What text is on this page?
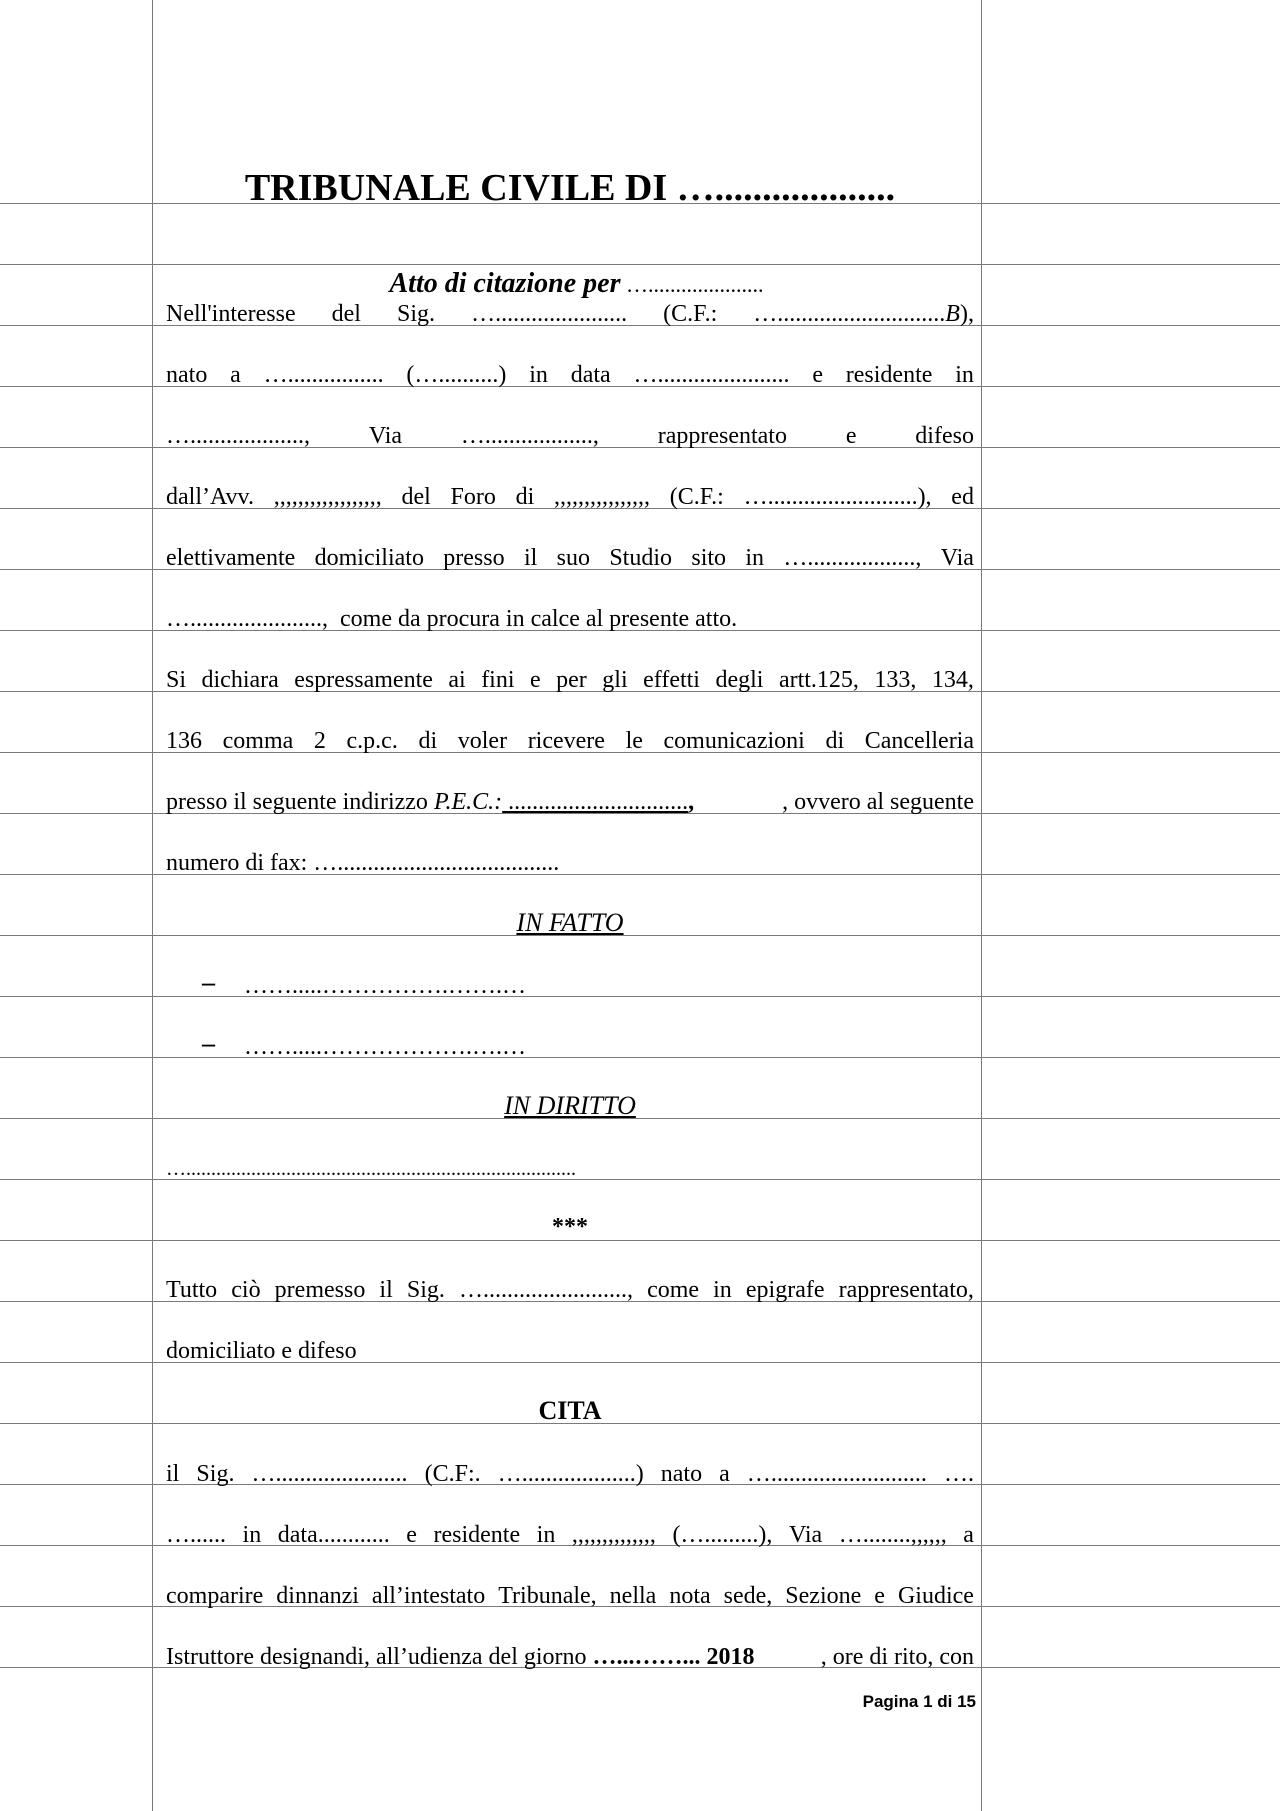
TRIBUNALE CIVILE DI …...................

Atto di citazione per ….....................

Nell'interesse del Sig. …...................... (C.F.: …............................B),
nato a …................ (…..........) in data …...................... e residente in
…..................., Via ….................., rappresentato e difeso
dall’Avv. ,,,,,,,,,,,,,,,,,, del Foro di ,,,,,,,,,,,,,,,, (C.F.: ….........................), ed
elettivamente domiciliato presso il suo Studio sito in ….................., Via
…......................,  come da procura in calce al presente atto.
Si dichiara espressamente ai fini e per gli effetti degli artt.125, 133, 134,
136 comma 2 c.p.c. di voler ricevere le comunicazioni di Cancelleria
presso il seguente indirizzo P.E.C.: ..............................,	, ovvero al seguente
numero di fax: ….....................................
IN FATTO
– …….....…………….…….…
– …….....……………….….…
IN DIRITTO
…..............................................................................
***
Tutto ciò premesso il Sig. …........................, come in epigrafe rappresentato,
domiciliato e difeso
CITA
il Sig. …...................... (C.F:. …...................) nato a ….......................... ….
…...... in data............ e residente in ,,,,,,,,,,,,,, (….........), Via …........,,,,,, a
comparire dinnanzi all’intestato Tribunale, nella nota sede, Sezione e Giudice
Istruttore designandi, all’udienza del giorno …...……... 2018	, ore di rito, con
Pagina 1 di 15
